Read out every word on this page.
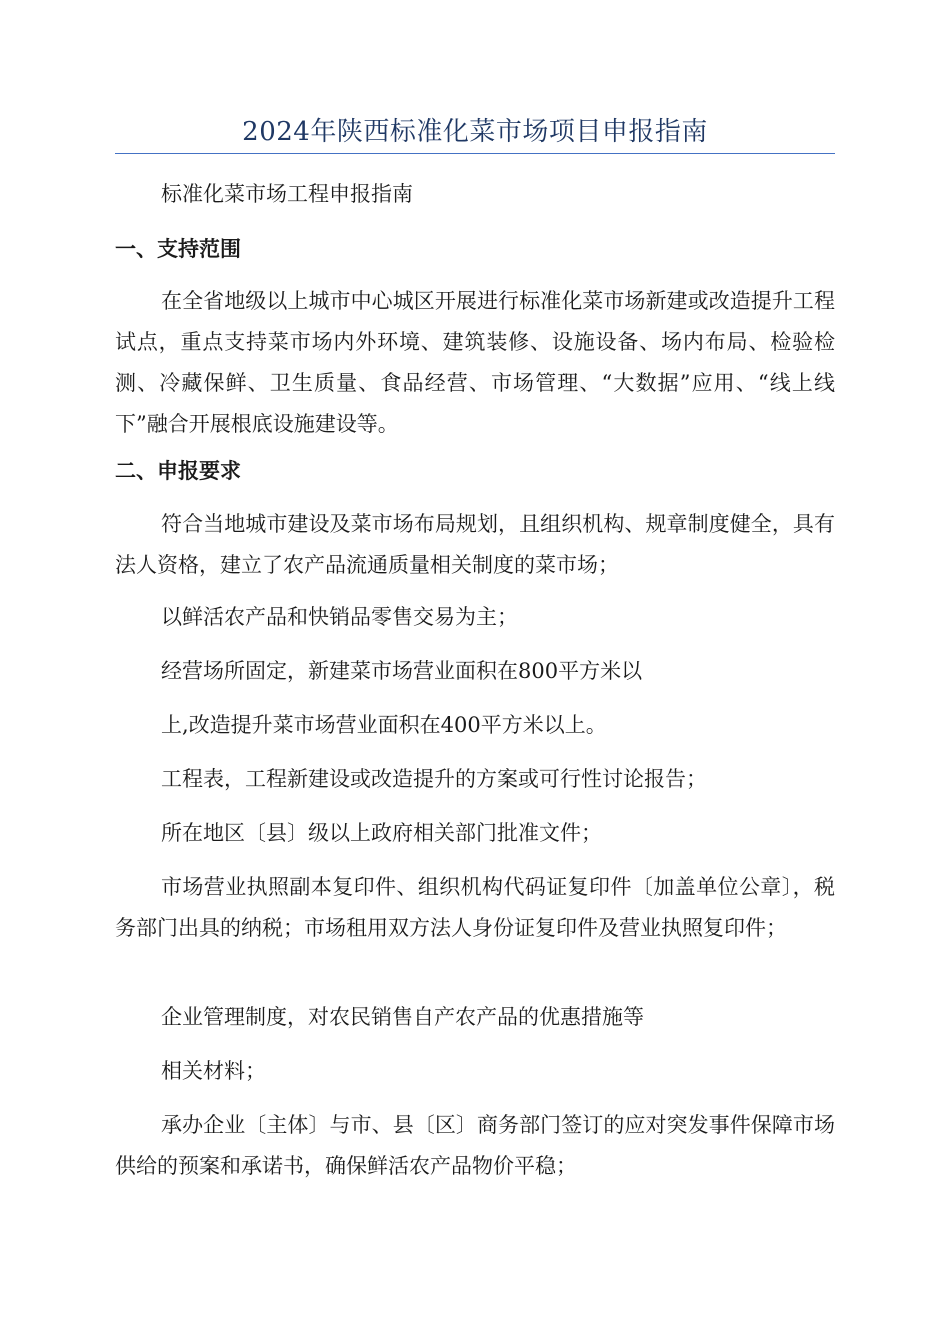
2024年陕西标准化菜市场项目申报指南
标准化菜市场工程申报指南
一、支持范围
在全省地级以上城市中心城区开展进行标准化菜市场新建或改造提升工程试点，重点支持菜市场内外环境、建筑装修、设施设备、场内布局、检验检测、冷藏保鲜、卫生质量、食品经营、市场管理、“大数据”应用、“线上线下”融合开展根底设施建设等。
二、申报要求
符合当地城市建设及菜市场布局规划，且组织机构、规章制度健全，具有法人资格，建立了农产品流通质量相关制度的菜市场；
以鲜活农产品和快销品零售交易为主；
经营场所固定，新建菜市场营业面积在800平方米以
上,改造提升菜市场营业面积在400平方米以上。
工程表，工程新建设或改造提升的方案或可行性讨论报告；
所在地区〔县〕级以上政府相关部门批准文件；
市场营业执照副本复印件、组织机构代码证复印件〔加盖单位公章〕，税务部门出具的纳税；市场租用双方法人身份证复印件及营业执照复印件；
企业管理制度，对农民销售自产农产品的优惠措施等
相关材料；
承办企业〔主体〕与市、县〔区〕商务部门签订的应对突发事件保障市场供给的预案和承诺书，确保鲜活农产品物价平稳；
